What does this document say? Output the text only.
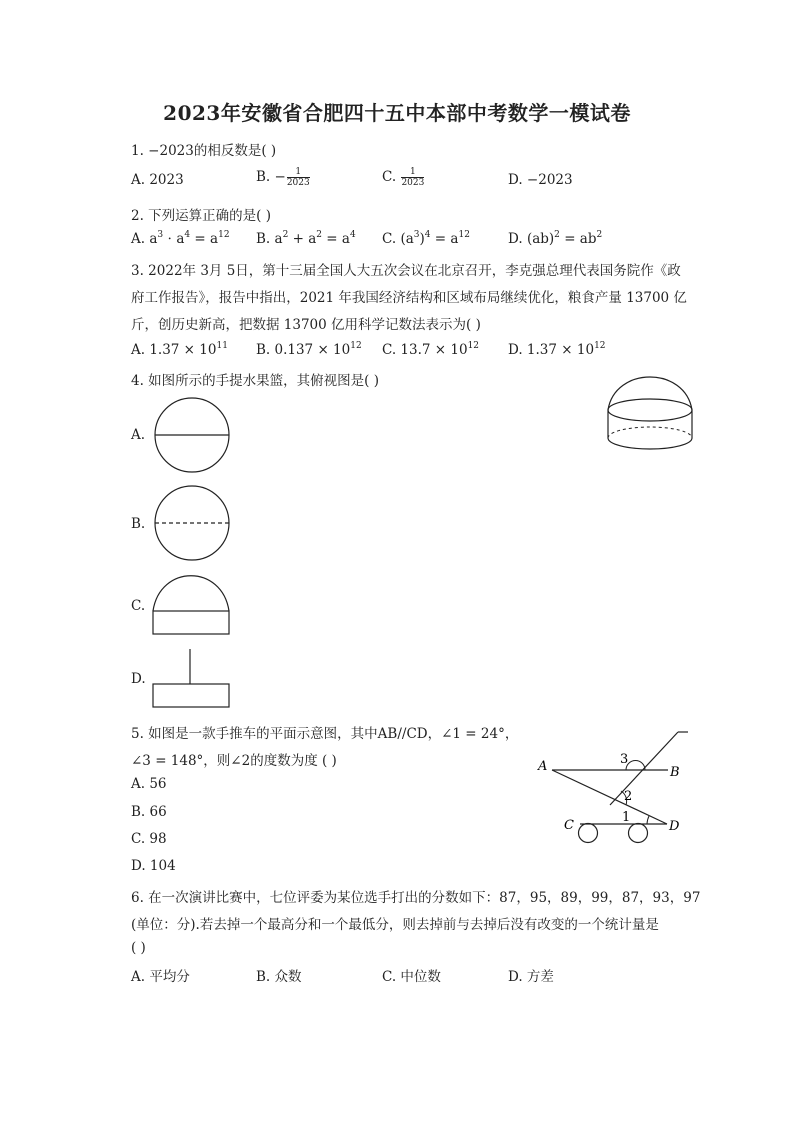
2023年安徽省合肥四十五中本部中考数学一模试卷
1. −2023的相反数是( )
A. 2023	B. − $\frac{1}{2023}$	C. $\frac{1}{2023}$	D. −2023
2. 下列运算正确的是( )
A. $a^3 \cdot a^4 = a^{12}$ B. $a^2 + a^2 = a^4$ C. $(a^3)^4 = a^{12}$	D. $(ab)^2 = ab^2$
3. 2022年 3月 5日，第十三届全国人大五次会议在北京召开，李克强总理代表国务院作《政
府工作报告》，报告中指出，2021 年我国经济结构和区域布局继续优化，粮食产量 13700 亿
斤，创历史新高，把数据 13700 亿用科学记数法表示为( )
A. $1.37 \times 10^{11}$ B. $0.137 \times 10^{12}$ C. $13.7 \times 10^{12}$ D. $1.37 \times 10^{12}$
4. 如图所示的手提水果篮，其俯视图是( )
A.
B.
C.
D.
5. 如图是一款手推车的平面示意图，其中AB//CD，∠1 = 24°，
∠3 = 148°，则∠2的度数为度 ( )
A. 56
B. 66
C. 98
D. 104
A	B
C	D
3
2
1
6. 在一次演讲比赛中，七位评委为某位选手打出的分数如下：87，95，89，99，87，93，97
(单位：分).若去掉一个最高分和一个最低分，则去掉前与去掉后没有改变的一个统计量是
( )
A. 平均分	B. 众数	C. 中位数	D. 方差
